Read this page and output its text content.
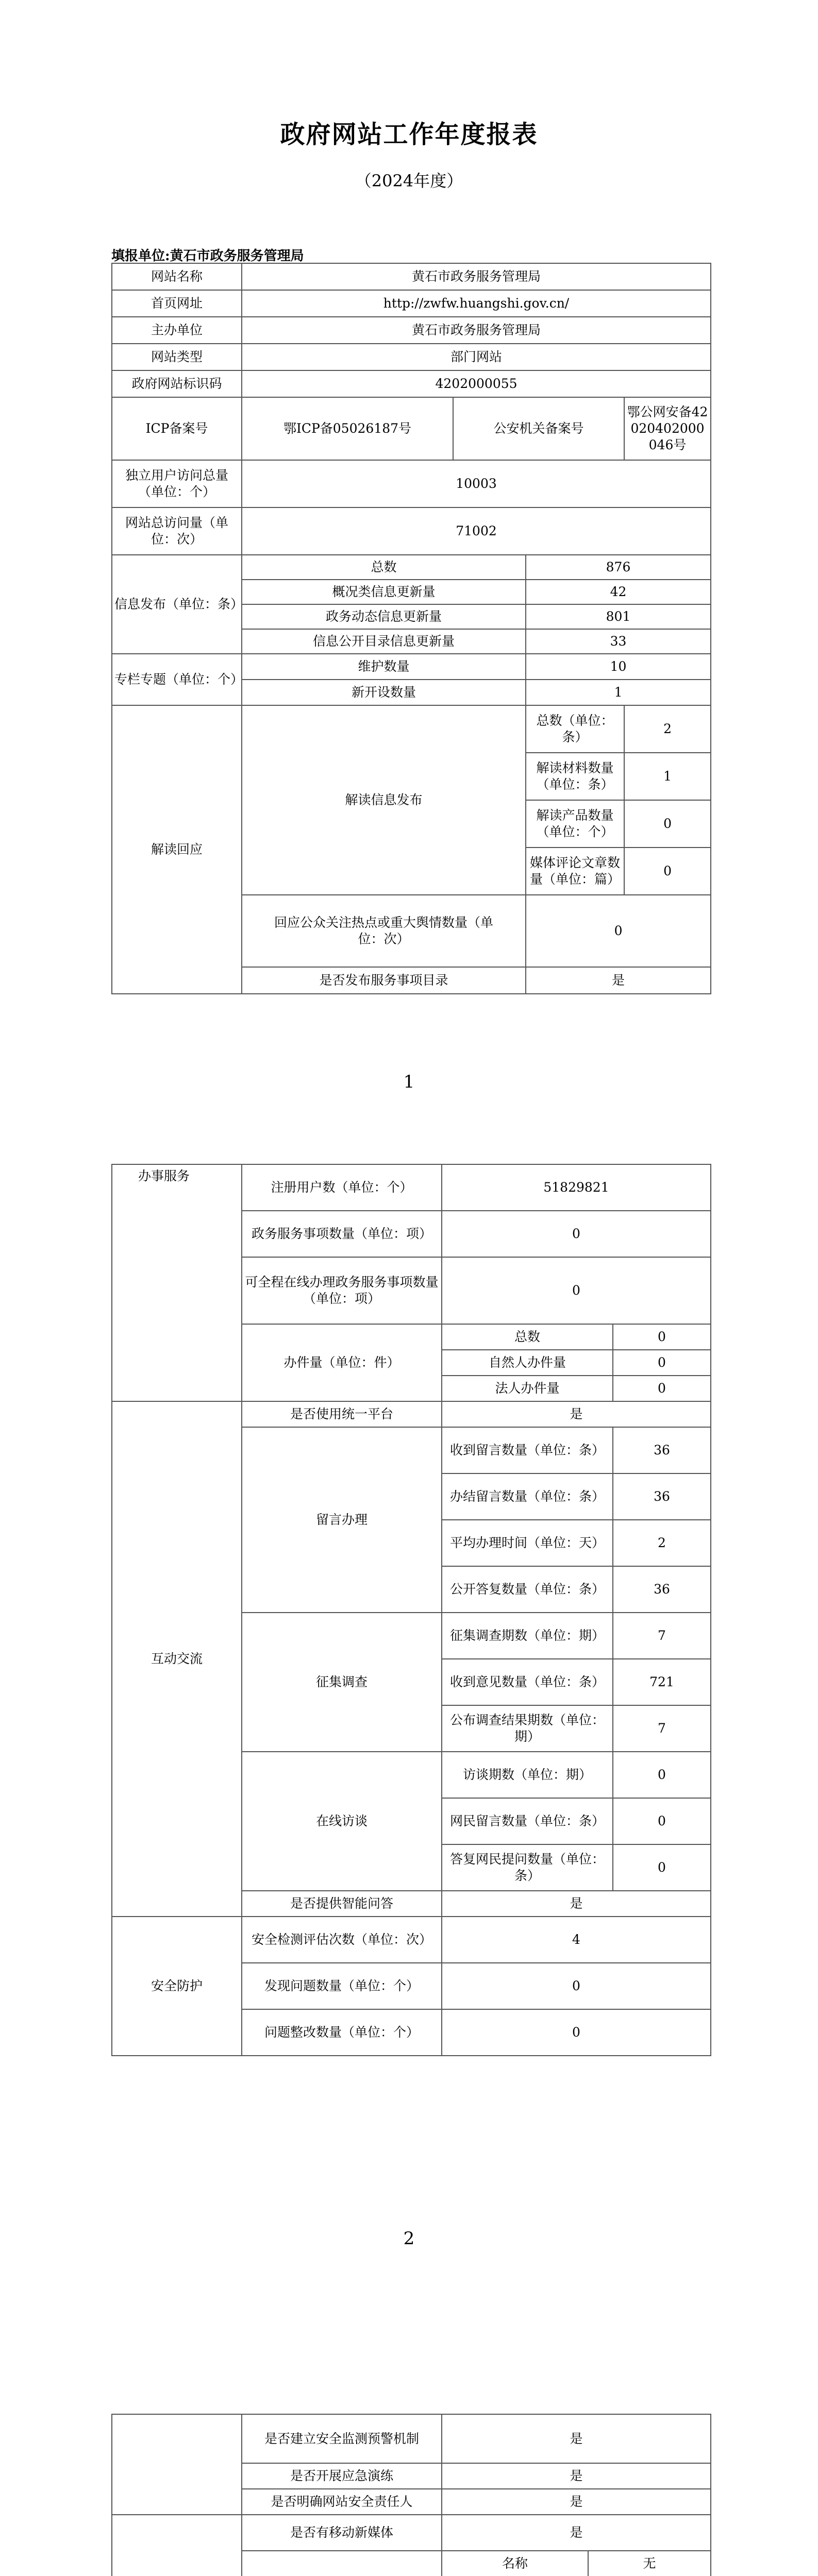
政府网站工作年度报表
（2024年度）
填报单位:黄石市政务服务管理局
网站名称	黄石市政务服务管理局			
首页网址	http://zwfw.huangshi.gov.cn/			
主办单位	黄石市政务服务管理局			
网站类型	部门网站			
政府网站标识码	4202000055			
ICP备案号	鄂ICP备05026187号	公安机关备案号		鄂公网安备42020402000046号
独立用户访问总量（单位：个）	10003			
网站总访问量（单位：次）	71002			
信息发布（单位：条）	总数		876	
	概况类信息更新量		42	
	政务动态信息更新量		801	
	信息公开目录信息更新量		33	
专栏专题（单位：个）	维护数量		10	
	新开设数量		1	
解读回应	解读信息发布		总数（单位：条）	2
			解读材料数量（单位：条）	1
			解读产品数量（单位：个）	0
			媒体评论文章数量（单位：篇）	0
	回应公众关注热点或重大舆情数量（单位：次）		0	
	是否发布服务事项目录		是	
1
办事服务	注册用户数（单位：个）	51829821	
	政务服务事项数量（单位：项）	0	
	可全程在线办理政务服务事项数量（单位：项）	0	
	办件量（单位：件）	总数	0
		自然人办件量	0
		法人办件量	0
互动交流	是否使用统一平台	是	
	留言办理	收到留言数量（单位：条）	36
		办结留言数量（单位：条）	36
		平均办理时间（单位：天）	2
		公开答复数量（单位：条）	36
	征集调查	征集调查期数（单位：期）	7
		收到意见数量（单位：条）	721
		公布调查结果期数（单位：期）	7
	在线访谈	访谈期数（单位：期）	0
		网民留言数量（单位：条）	0
		答复网民提问数量（单位：条）	0
	是否提供智能问答	是	

安全防护	安全检测评估次数（单位：次）	4	
	发现问题数量（单位：个）	0	
	问题整改数量（单位：个）	0	
2
	是否建立安全监测预警机制	是	
	是否开展应急演练	是	
	是否明确网站安全责任人	是	
	是否有移动新媒体	是	
	名称	无
